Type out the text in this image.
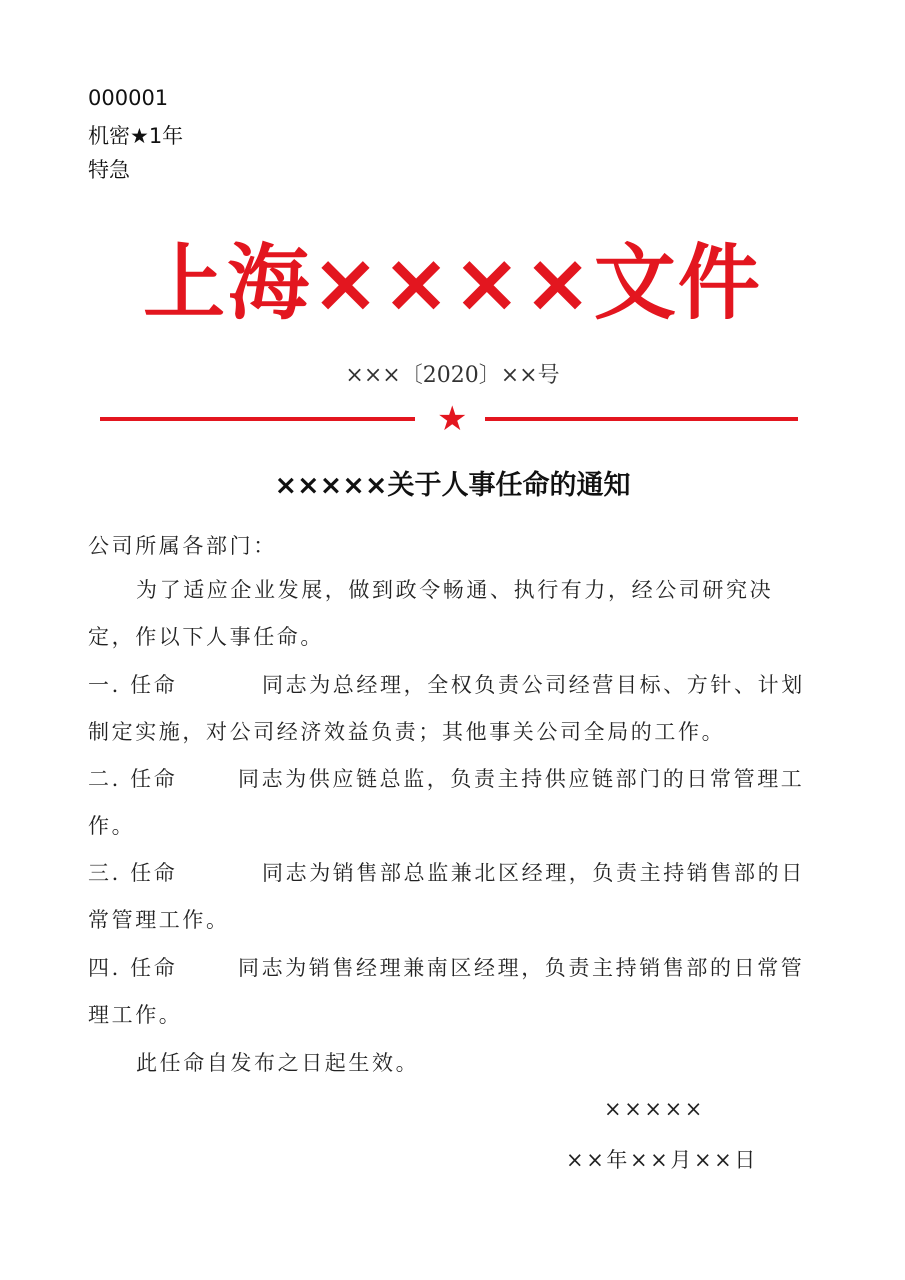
000001
机密★1年
特急
上海××××文件
×××〔2020〕××号
★
×××××关于人事任命的通知
公司所属各部门：
为了适应企业发展，做到政令畅通、执行有力，经公司研究决
定，作以下人事任命。
一. 任命	同志为总经理，全权负责公司经营目标、方针、计划
制定实施，对公司经济效益负责；其他事关公司全局的工作。
二. 任命	同志为供应链总监，负责主持供应链部门的日常管理工
作。
三. 任命	同志为销售部总监兼北区经理，负责主持销售部的日
常管理工作。
四. 任命	同志为销售经理兼南区经理，负责主持销售部的日常管
理工作。
此任命自发布之日起生效。
×××××
××年××月××日
